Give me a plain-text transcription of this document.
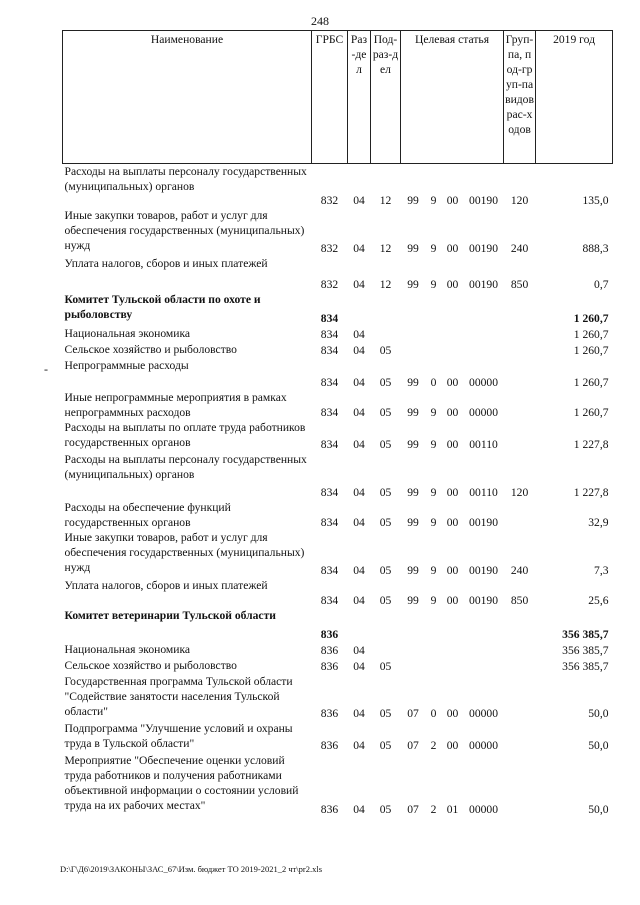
248
Наименование	ГРБС	Раз-дел	Под-раз-дел	Целевая статья				Груп-па, под-груп-па видов рас-ходов	2019 год
Расходы на выплаты персоналу государственных (муниципальных) органов	832	04	12	99	9	00	00190	120	135,0
Иные закупки товаров, работ и услуг для обеспечения государственных (муниципальных) нужд	832	04	12	99	9	00	00190	240	888,3
Уплата налогов, сборов и иных платежей	832	04	12	99	9	00	00190	850	0,7
Комитет Тульской области по охоте и рыболовству	834								1 260,7
Национальная экономика	834	04							1 260,7
Сельское хозяйство и рыболовство	834	04	05						1 260,7
Непрограммные расходы	834	04	05	99	0	00	00000		1 260,7
Иные непрограммные мероприятия в рамках непрограммных расходов	834	04	05	99	9	00	00000		1 260,7
Расходы на выплаты по оплате труда работников государственных органов	834	04	05	99	9	00	00110		1 227,8
Расходы на выплаты персоналу государственных (муниципальных) органов	834	04	05	99	9	00	00110	120	1 227,8
Расходы на обеспечение функций государственных органов	834	04	05	99	9	00	00190		32,9
Иные закупки товаров, работ и услуг для обеспечения государственных (муниципальных) нужд	834	04	05	99	9	00	00190	240	7,3
Уплата налогов, сборов и иных платежей	834	04	05	99	9	00	00190	850	25,6
Комитет ветеринарии Тульской области	836								356 385,7
Национальная экономика	836	04							356 385,7
Сельское хозяйство и рыболовство	836	04	05						356 385,7
Государственная программа Тульской области "Содействие занятости населения Тульской области"	836	04	05	07	0	00	00000		50,0
Подпрограмма "Улучшение условий и охраны труда в Тульской области"	836	04	05	07	2	00	00000		50,0
Мероприятие "Обеспечение оценки условий труда работников и получения работниками объективной информации о состоянии условий труда на их рабочих местах"	836	04	05	07	2	01	00000		50,0
-
D:\Г\Д6\2019\ЗАКОНЫ\ЗАС_67\Изм. бюджет ТО 2019-2021_2 чт\pr2.xls
